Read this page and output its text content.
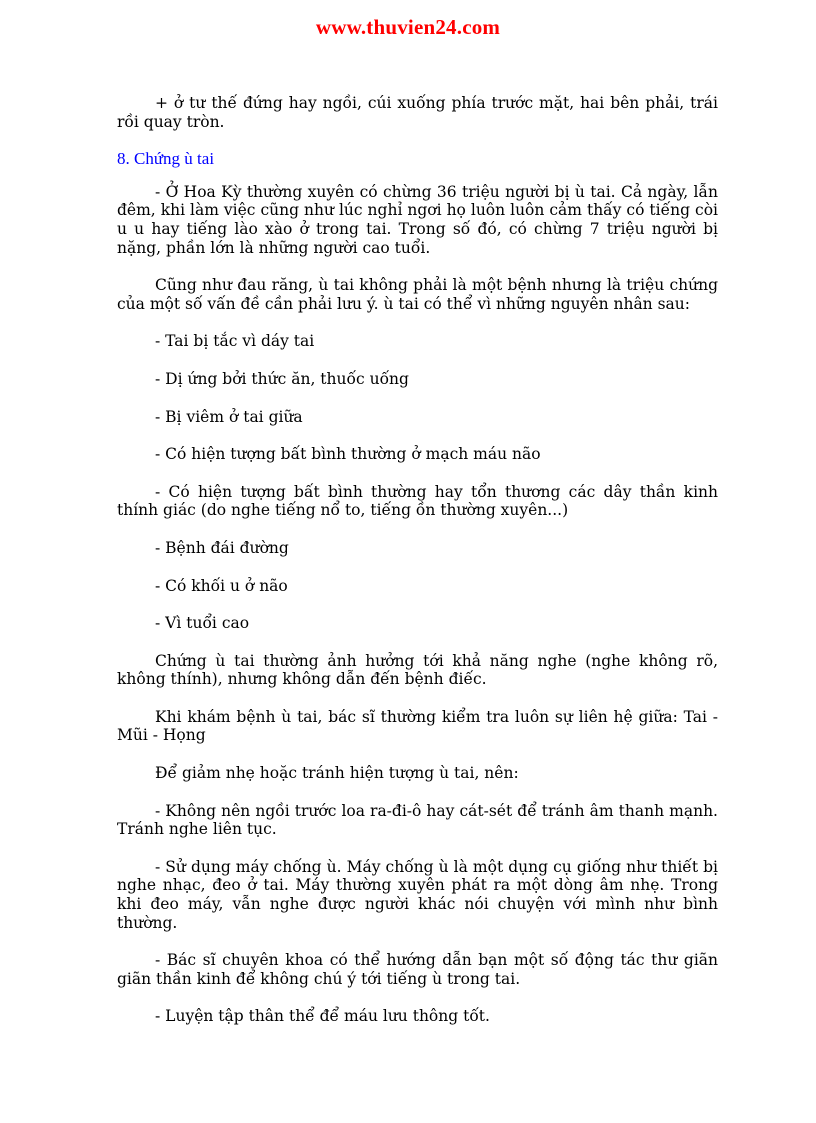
www.thuvien24.com

+ ở tư thế đứng hay ngồi, cúi xuống phía trước mặt, hai bên phải, trái rồi quay tròn.

8. Chứng ù tai

- Ở Hoa Kỳ thường xuyên có chừng 36 triệu người bị ù tai. Cả ngày, lẫn đêm, khi làm việc cũng như lúc nghỉ ngơi họ luôn luôn cảm thấy có tiếng còi u u hay tiếng lào xào ở trong tai. Trong số đó, có chừng 7 triệu người bị nặng, phần lớn là những người cao tuổi.

Cũng như đau răng, ù tai không phải là một bệnh nhưng là triệu chứng của một số vấn đề cần phải lưu ý. ù tai có thể vì những nguyên nhân sau:

- Tai bị tắc vì dáy tai

- Dị ứng bởi thức ăn, thuốc uống

- Bị viêm ở tai giữa

- Có hiện tượng bất bình thường ở mạch máu não

- Có hiện tượng bất bình thường hay tổn thương các dây thần kinh thính giác (do nghe tiếng nổ to, tiếng ồn thường xuyên...)

- Bệnh đái đường

- Có khối u ở não

- Vì tuổi cao

Chứng ù tai thường ảnh hưởng tới khả năng nghe (nghe không rõ, không thính), nhưng không dẫn đến bệnh điếc.

Khi khám bệnh ù tai, bác sĩ thường kiểm tra luôn sự liên hệ giữa: Tai - Mũi - Họng

Để giảm nhẹ hoặc tránh hiện tượng ù tai, nên:

- Không nên ngồi trước loa ra-đi-ô hay cát-sét để tránh âm thanh mạnh. Tránh nghe liên tục.

- Sử dụng máy chống ù. Máy chống ù là một dụng cụ giống như thiết bị nghe nhạc, đeo ở tai. Máy thường xuyên phát ra một dòng âm nhẹ. Trong khi đeo máy, vẫn nghe được người khác nói chuyện với mình như bình thường.

- Bác sĩ chuyên khoa có thể hướng dẫn bạn một số động tác thư giãn giãn thần kinh để không chú ý tới tiếng ù trong tai.

- Luyện tập thân thể để máu lưu thông tốt.
